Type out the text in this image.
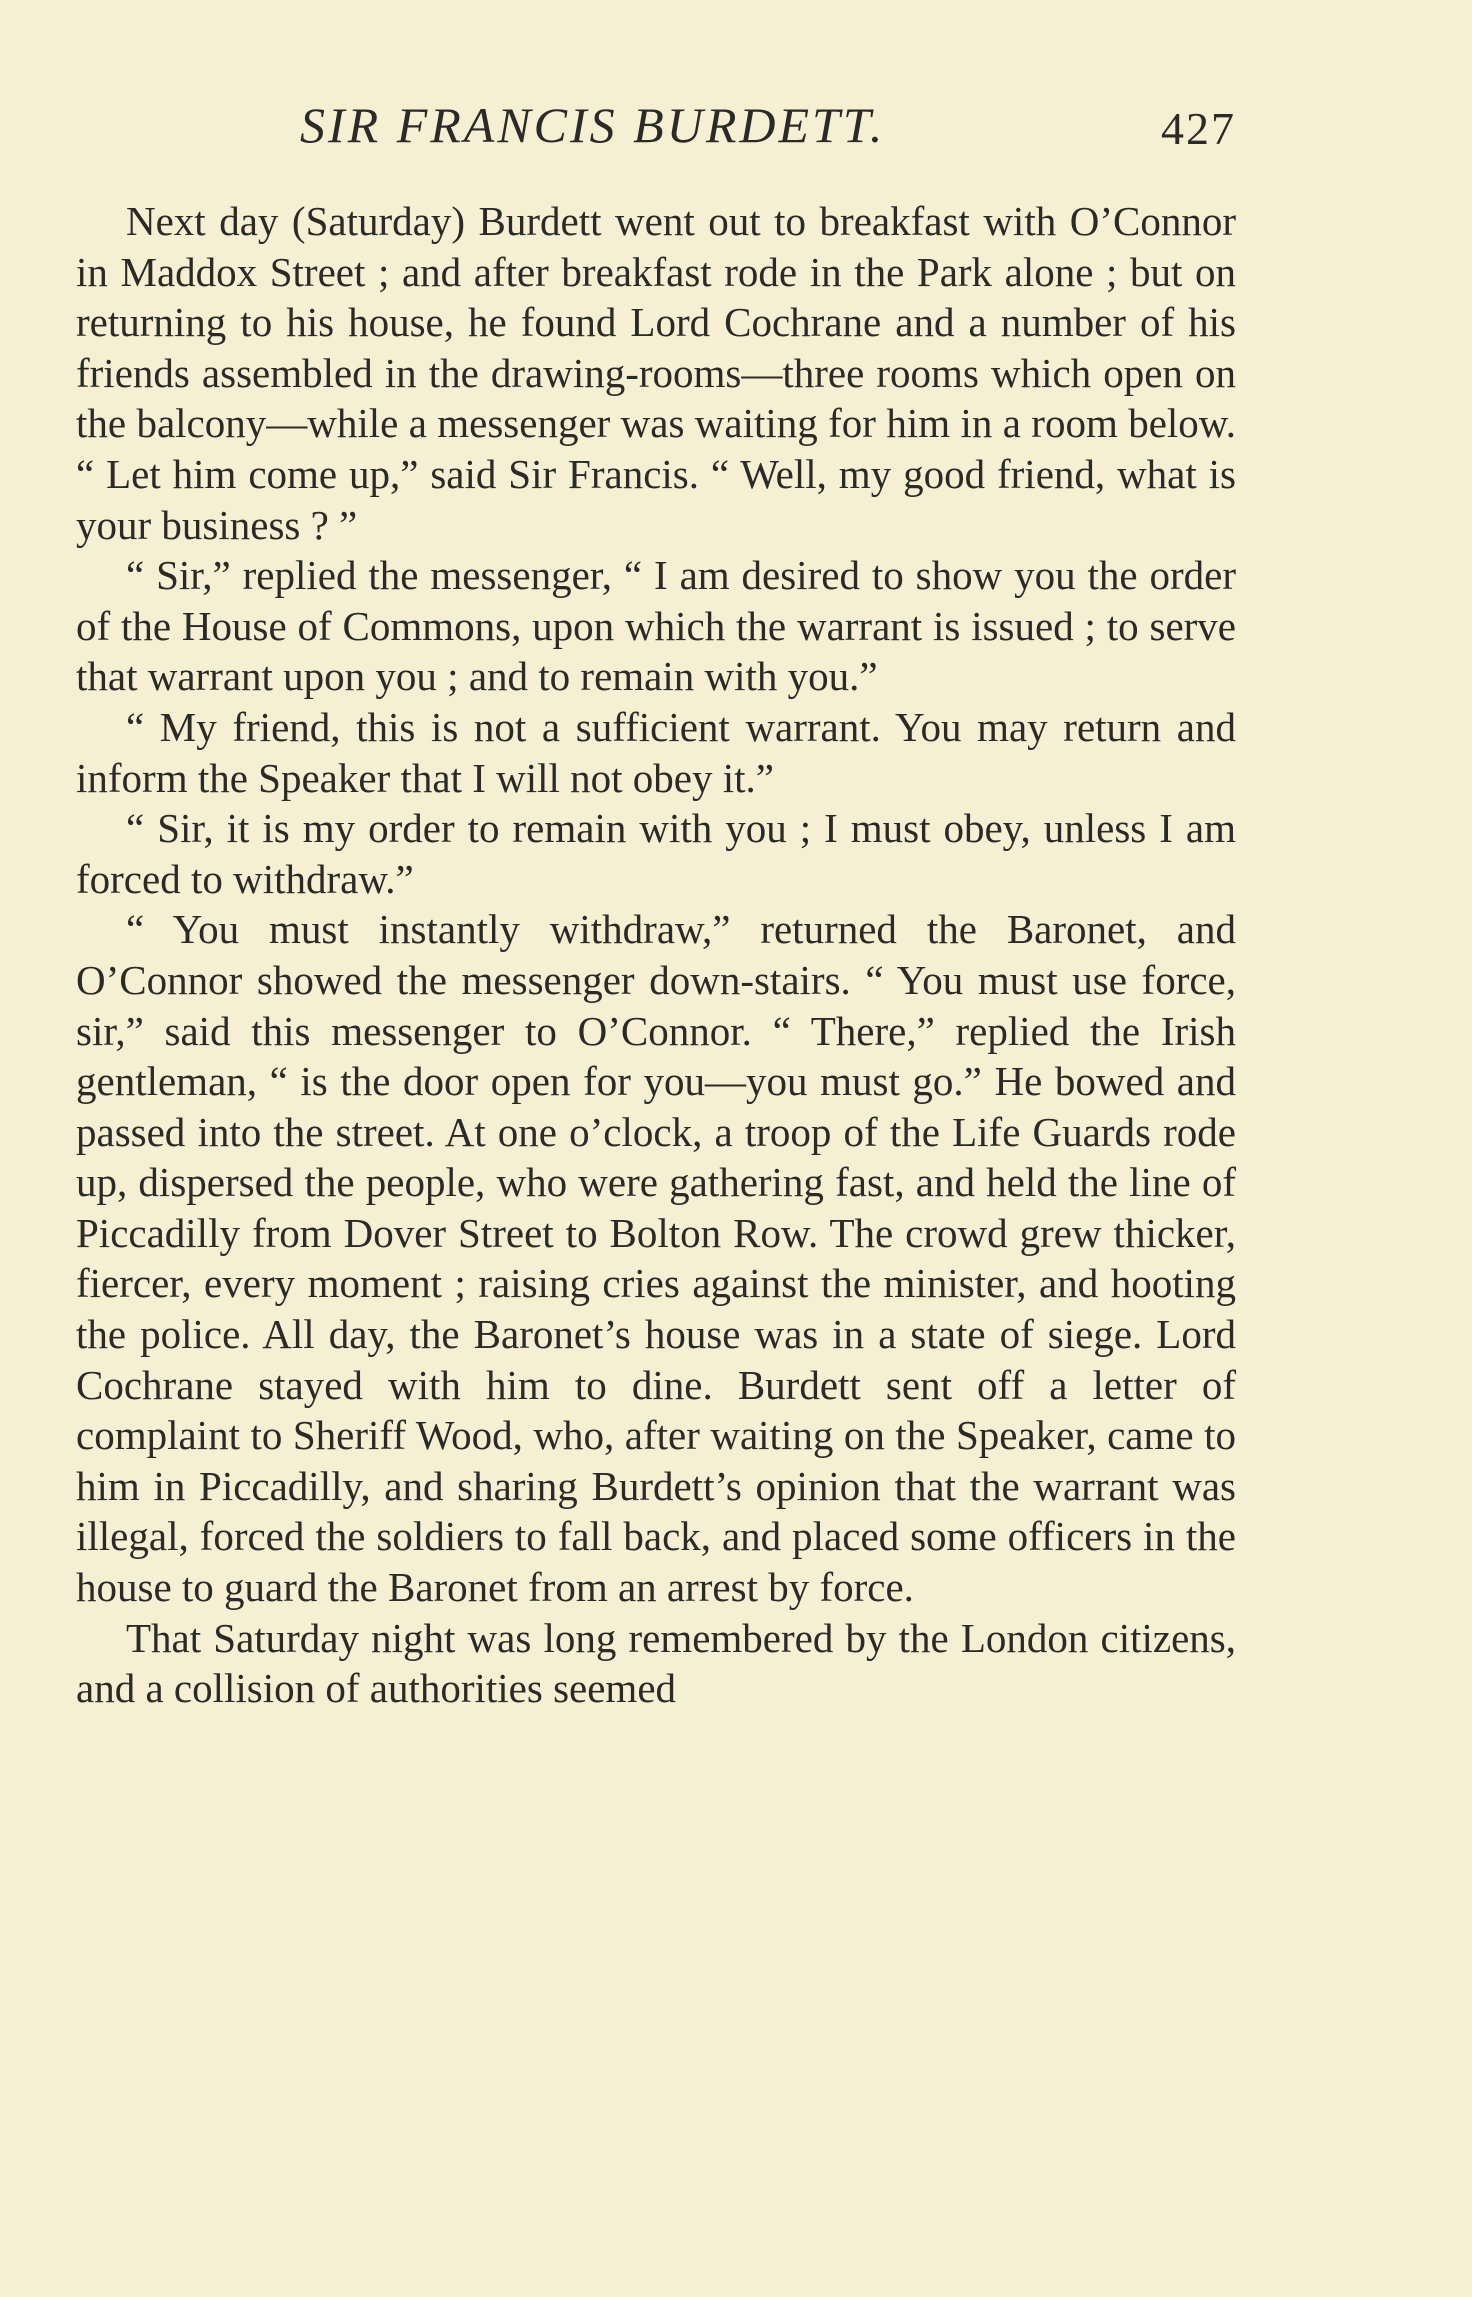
SIR FRANCIS BURDETT.	427

Next day (Saturday) Burdett went out to breakfast with O’Connor in Maddox Street ; and after breakfast rode in the Park alone ; but on returning to his house, he found Lord Cochrane and a number of his friends assembled in the drawing-rooms—three rooms which open on the balcony—while a messenger was waiting for him in a room below. “ Let him come up,” said Sir Francis. “ Well, my good friend, what is your business ? ”

“ Sir,” replied the messenger, “ I am desired to show you the order of the House of Commons, upon which the warrant is issued ; to serve that warrant upon you ; and to remain with you.”

“ My friend, this is not a sufficient warrant. You may return and inform the Speaker that I will not obey it.”

“ Sir, it is my order to remain with you ; I must obey, unless I am forced to withdraw.”

“ You must instantly withdraw,” returned the Baronet, and O’Connor showed the messenger down-stairs. “ You must use force, sir,” said this messenger to O’Connor. “ There,” replied the Irish gentleman, “ is the door open for you—you must go.” He bowed and passed into the street. At one o’clock, a troop of the Life Guards rode up, dispersed the people, who were gathering fast, and held the line of Piccadilly from Dover Street to Bolton Row. The crowd grew thicker, fiercer, every moment ; raising cries against the minister, and hooting the police. All day, the Baronet’s house was in a state of siege. Lord Cochrane stayed with him to dine. Burdett sent off a letter of complaint to Sheriff Wood, who, after waiting on the Speaker, came to him in Piccadilly, and sharing Burdett’s opinion that the warrant was illegal, forced the soldiers to fall back, and placed some officers in the house to guard the Baronet from an arrest by force.

That Saturday night was long remembered by the London citizens, and a collision of authorities seemed
